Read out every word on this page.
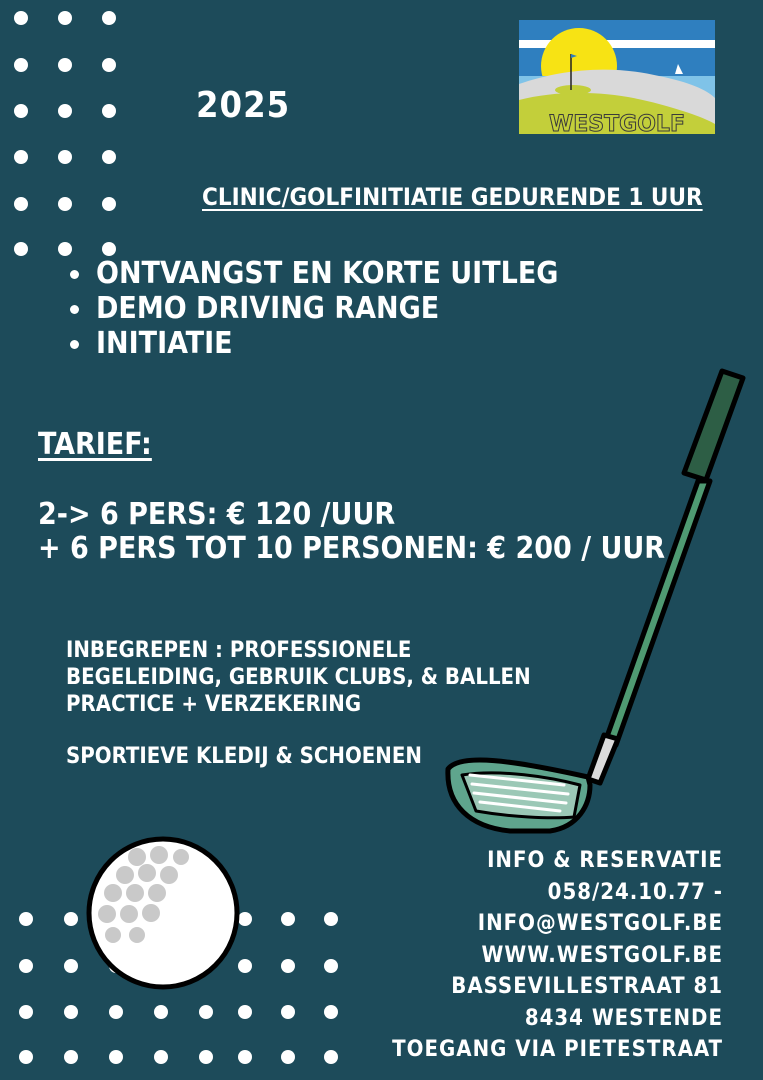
WESTGOLF
2025
CLINIC/GOLFINITIATIE GEDURENDE 1 UUR
ONTVANGST EN KORTE UITLEG
DEMO DRIVING RANGE
INITIATIE
TARIEF:
2-> 6 PERS: € 120 /UUR
+ 6 PERS TOT 10 PERSONEN: € 200 / UUR
INBEGREPEN : PROFESSIONELE BEGELEIDING, GEBRUIK CLUBS, & BALLEN PRACTICE + VERZEKERING
SPORTIEVE KLEDIJ & SCHOENEN
INFO & RESERVATIE
058/24.10.77 -
INFO@WESTGOLF.BE
WWW.WESTGOLF.BE
BASSEVILLESTRAAT 81
8434 WESTENDE
TOEGANG VIA PIETESTRAAT
